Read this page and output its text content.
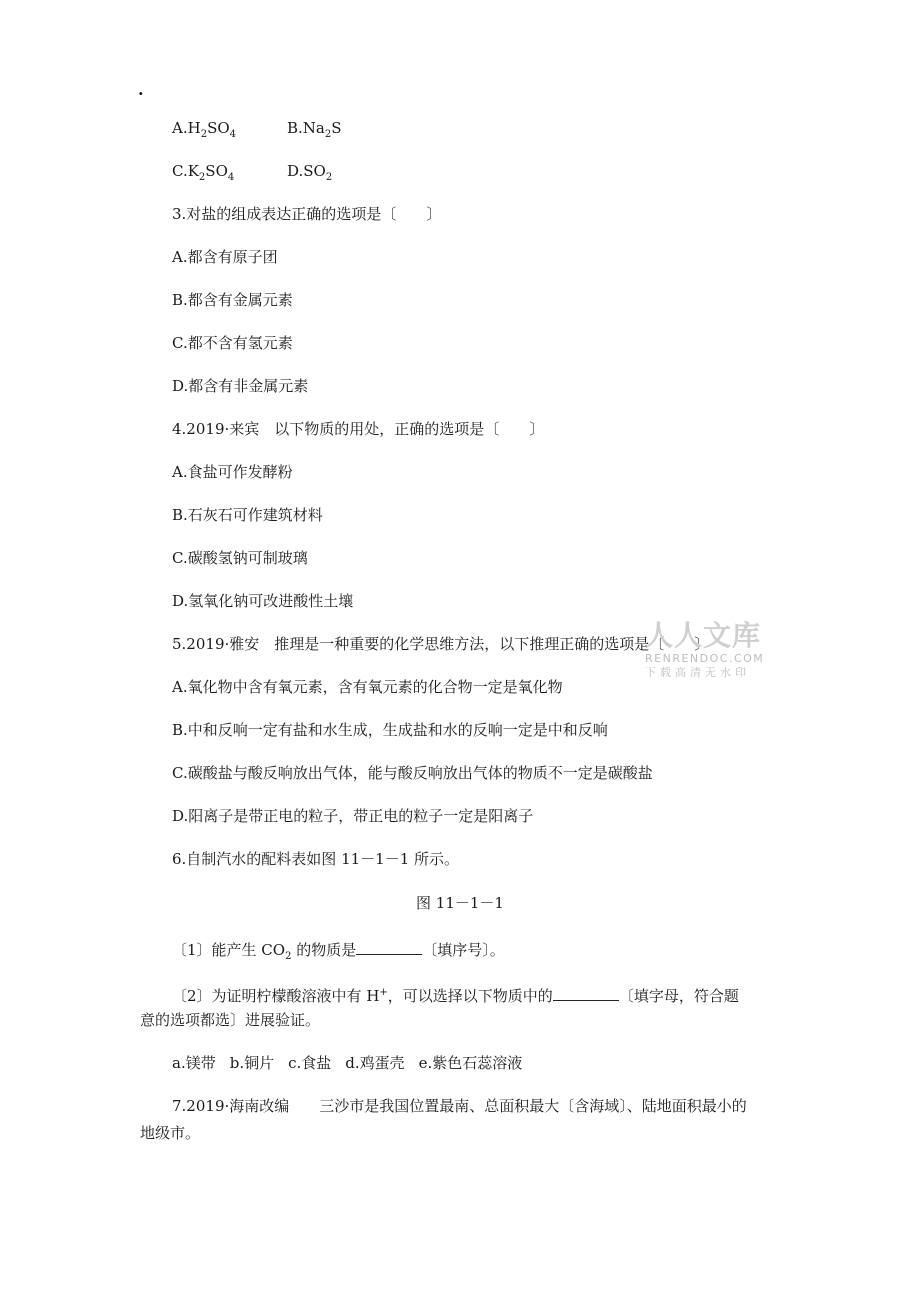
.
$A.H_2SO_4$	$B.Na_2S$
$C.K_2SO_4$	$D.SO_2$
3.对盐的组成表达正确的选项是〔　　〕
A.都含有原子团
B.都含有金属元素
C.都不含有氢元素
D.都含有非金属元素
4.2019·来宾　以下物质的用处，正确的选项是〔　　〕
A.食盐可作发酵粉
B.石灰石可作建筑材料
C.碳酸氢钠可制玻璃
D.氢氧化钠可改进酸性土壤
5.2019·雅安　推理是一种重要的化学思维方法，以下推理正确的选项是〔　　〕
A.氧化物中含有氧元素，含有氧元素的化合物一定是氧化物
B.中和反响一定有盐和水生成，生成盐和水的反响一定是中和反响
C.碳酸盐与酸反响放出气体，能与酸反响放出气体的物质不一定是碳酸盐
D.阳离子是带正电的粒子，带正电的粒子一定是阳离子
6.自制汽水的配料表如图 11－1－1 所示。
图 11－1－1
〔1〕能产生 $CO_2$ 的物质是	〔填序号〕。
〔2〕为证明柠檬酸溶液中有 H+，可以选择以下物质中的	〔填字母，符合题
意的选项都选〕进展验证。
a.镁带 b.铜片 c.食盐 d.鸡蛋壳 e.紫色石蕊溶液
7.2019·海南改编　　三沙市是我国位置最南、总面积最大〔含海域〕、陆地面积最小的
地级市。
人人文库
RENRENDOC.COM
下载高清无水印
